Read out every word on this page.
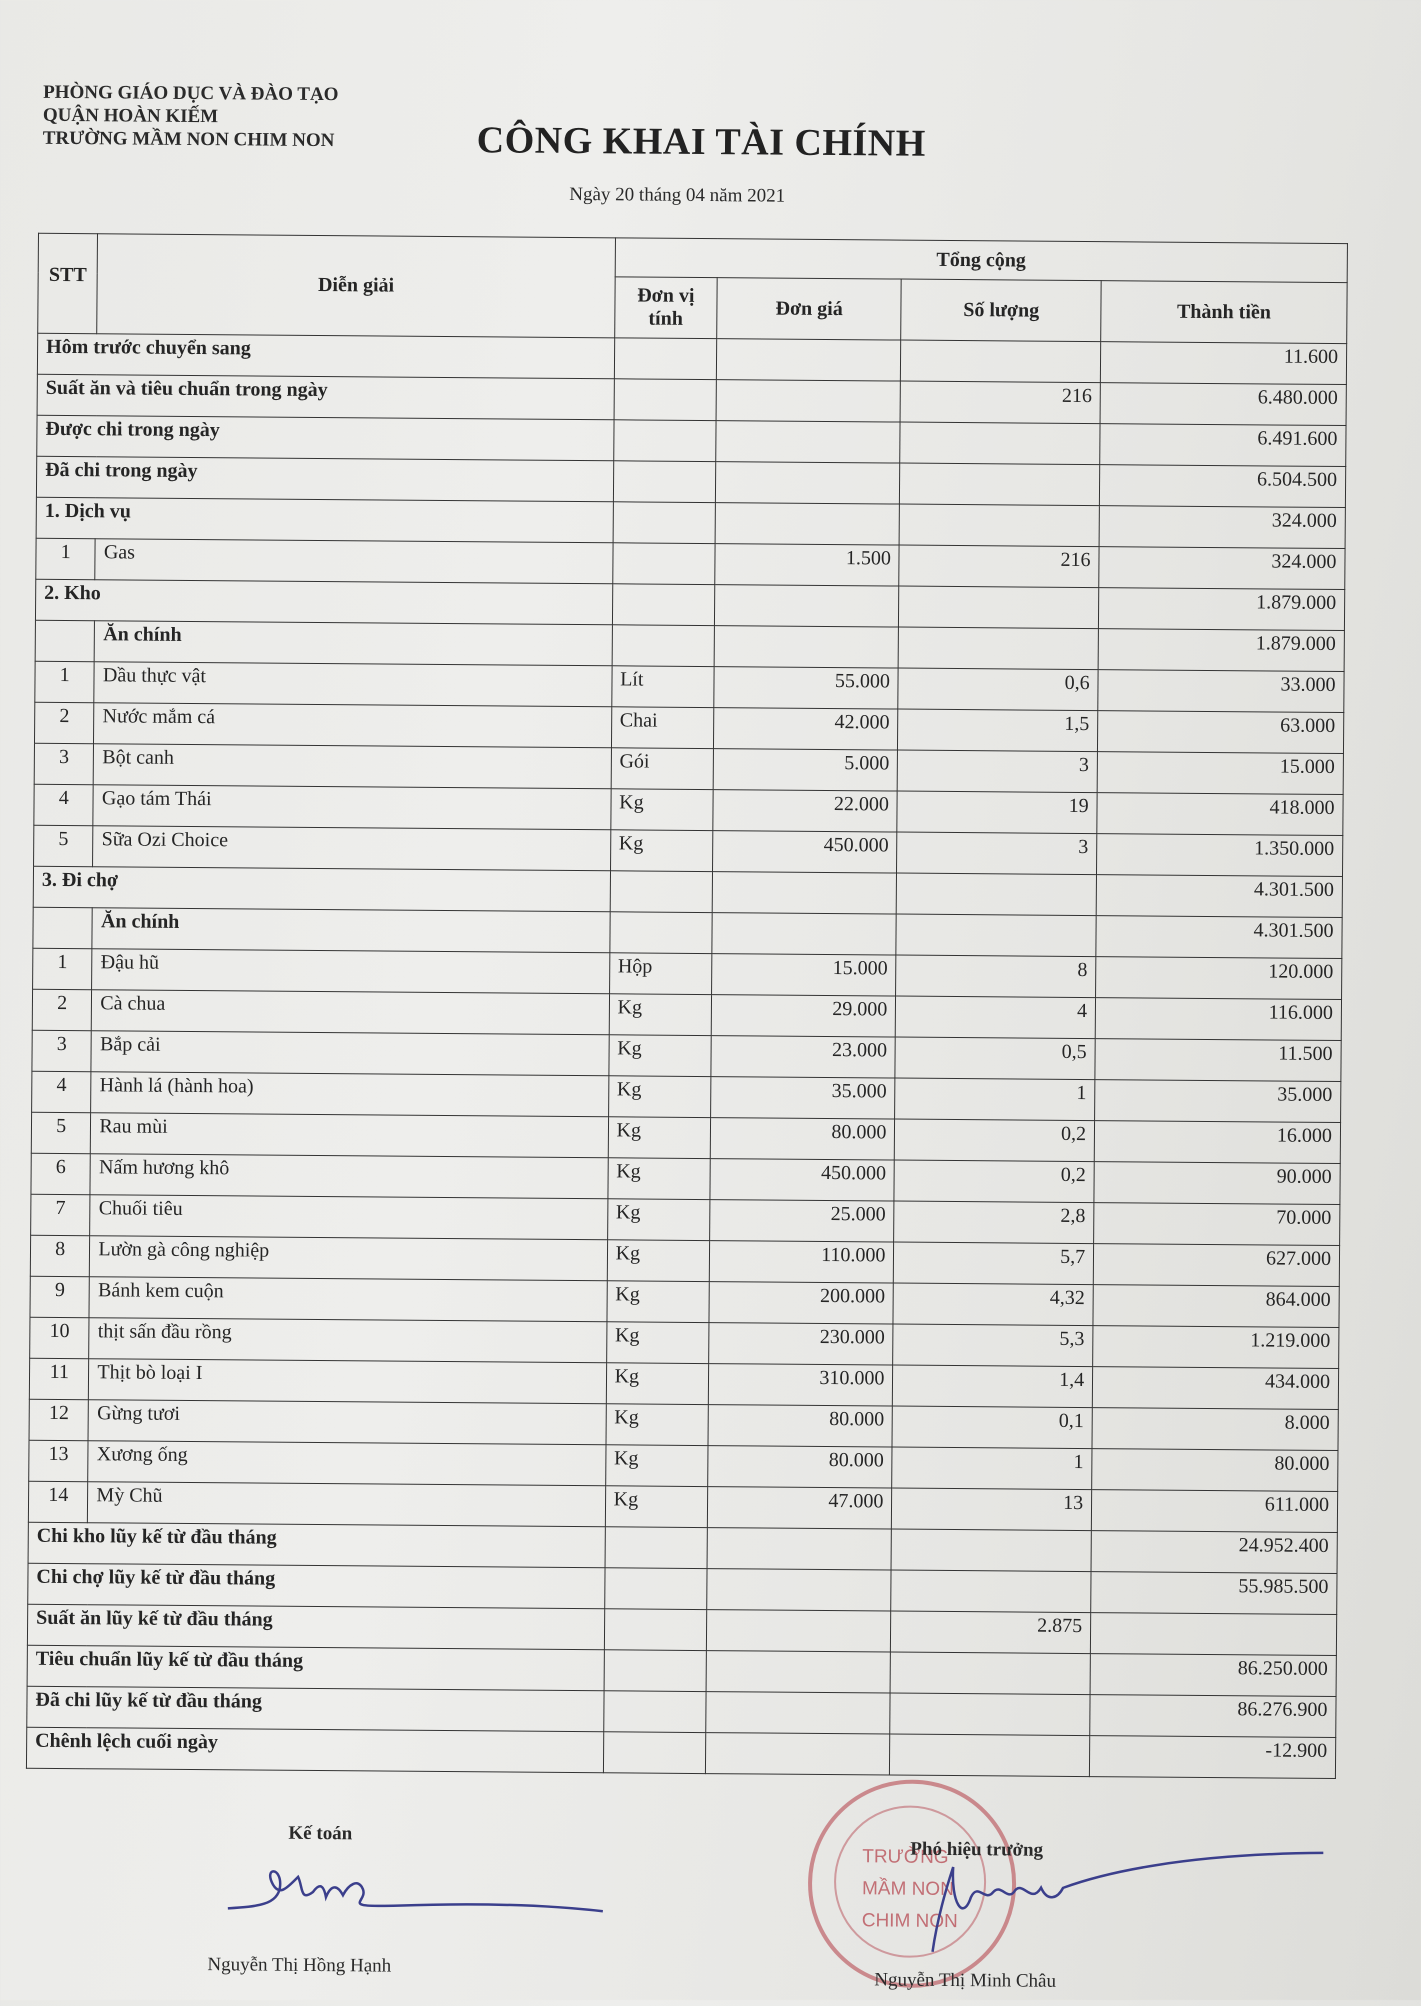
PHÒNG GIÁO DỤC VÀ ĐÀO TẠO
QUẬN HOÀN KIẾM
TRƯỜNG MẦM NON CHIM NON	CÔNG KHAI TÀI CHÍNH
Ngày 20 tháng 04 năm 2021
STT	Diễn giải	Tổng cộng			
		Đơn vị tính	Đơn giá	Số lượng	Thành tiền
Hôm trước chuyển sang					11.600
Suất ăn và tiêu chuẩn trong ngày				216	6.480.000
Được chi trong ngày					6.491.600
Đã chi trong ngày					6.504.500
1. Dịch vụ					324.000
1	Gas		1.500	216	324.000
2. Kho					1.879.000
	Ăn chính				1.879.000
1	Dầu thực vật	Lít	55.000	0,6	33.000
2	Nước mắm cá	Chai	42.000	1,5	63.000
3	Bột canh	Gói	5.000	3	15.000
4	Gạo tám Thái	Kg	22.000	19	418.000
5	Sữa Ozi Choice	Kg	450.000	3	1.350.000
3. Đi chợ					4.301.500
	Ăn chính				4.301.500
1	Đậu hũ	Hộp	15.000	8	120.000
2	Cà chua	Kg	29.000	4	116.000
3	Bắp cải	Kg	23.000	0,5	11.500
4	Hành lá (hành hoa)	Kg	35.000	1	35.000
5	Rau mùi	Kg	80.000	0,2	16.000
6	Nấm hương khô	Kg	450.000	0,2	90.000
7	Chuối tiêu	Kg	25.000	2,8	70.000
8	Lườn gà công nghiệp	Kg	110.000	5,7	627.000
9	Bánh kem cuộn	Kg	200.000	4,32	864.000
10	thịt sấn đầu rồng	Kg	230.000	5,3	1.219.000
11	Thịt bò loại I	Kg	310.000	1,4	434.000
12	Gừng tươi	Kg	80.000	0,1	8.000
13	Xương ống	Kg	80.000	1	80.000
14	Mỳ Chũ	Kg	47.000	13	611.000
Chi kho lũy kế từ đầu tháng					24.952.400
Chi chợ lũy kế từ đầu tháng					55.985.500
Suất ăn lũy kế từ đầu tháng				2.875	
Tiêu chuẩn lũy kế từ đầu tháng					86.250.000
Đã chi lũy kế từ đầu tháng					86.276.900
Chênh lệch cuối ngày					-12.900
Kế toán
Nguyễn Thị Hồng Hạnh
TRƯỜNG
MẦM NON
CHIM NON
Phó hiệu trưởng
Nguyễn Thị Minh Châu
